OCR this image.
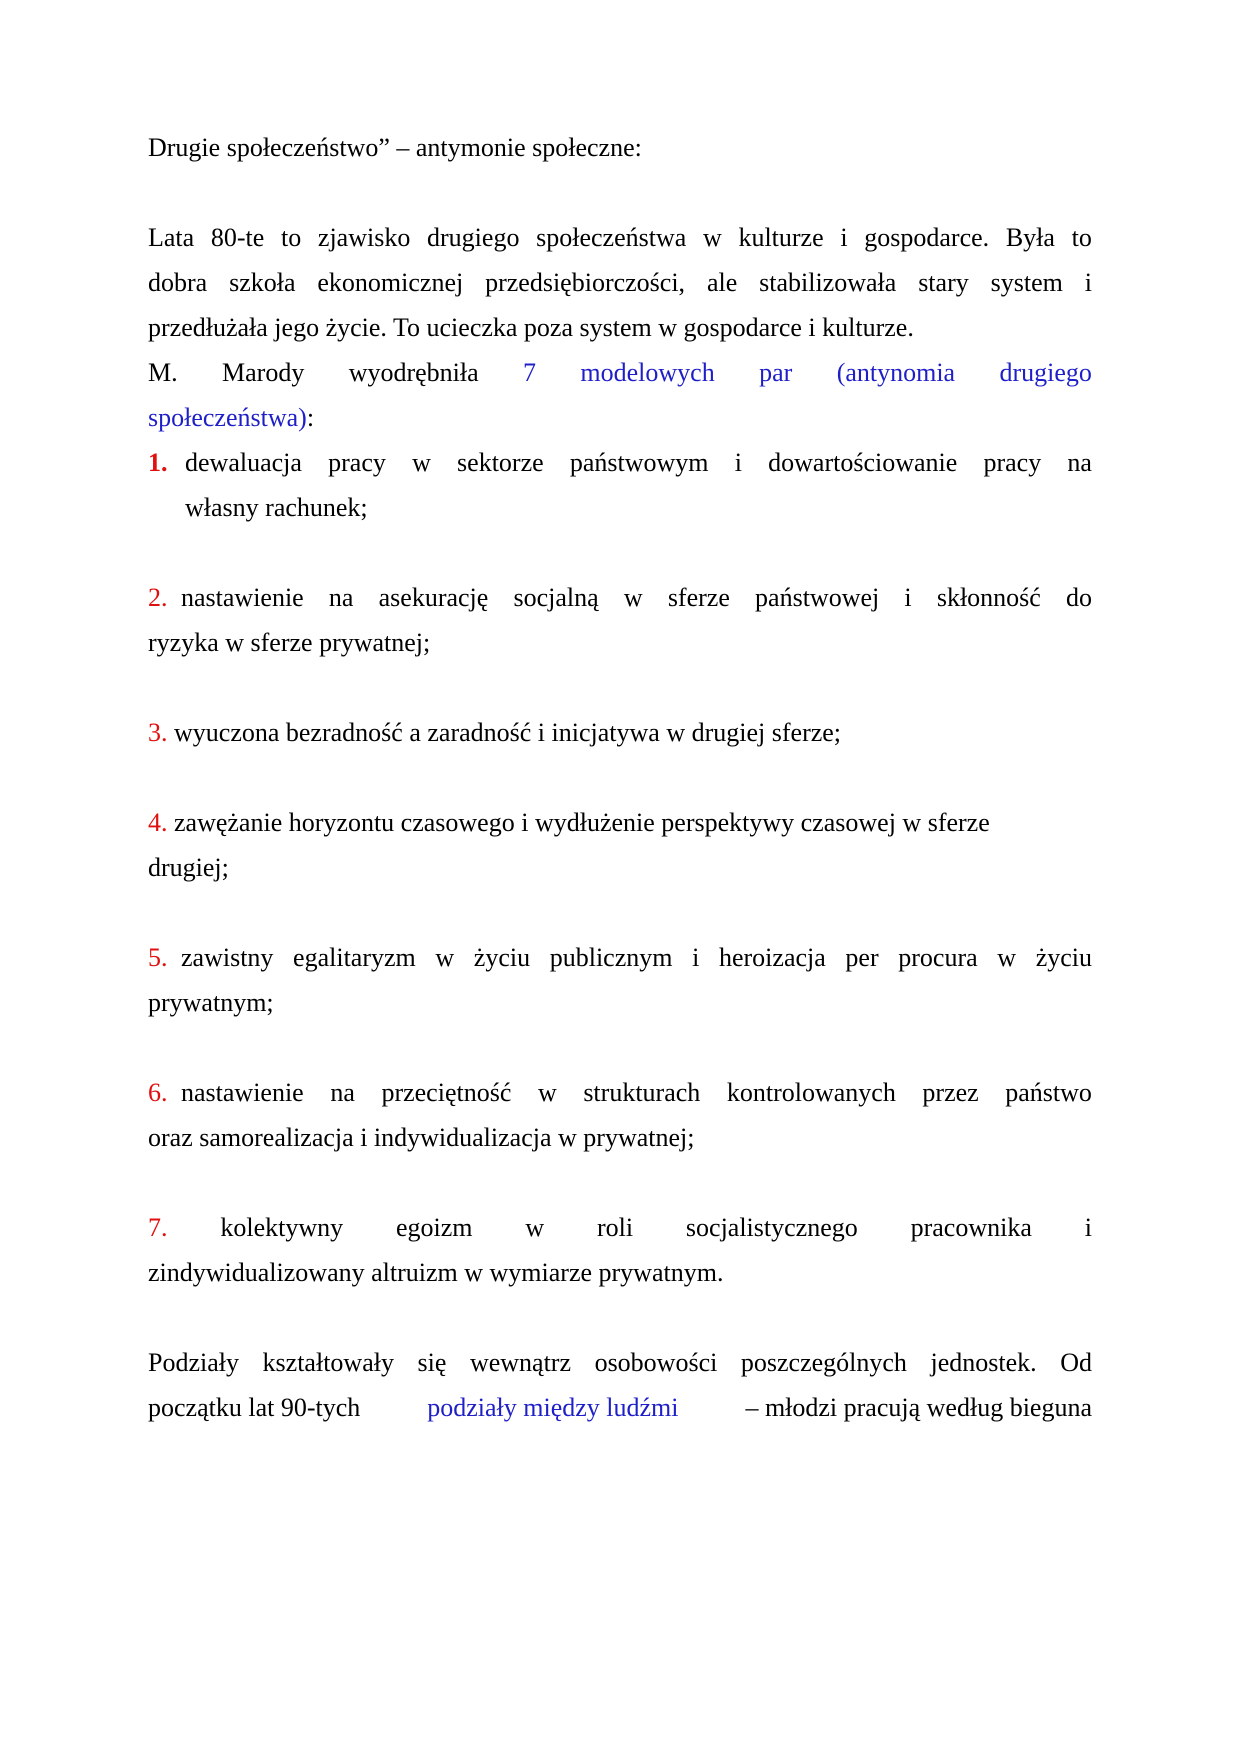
Drugie społeczeństwo” – antymonie społeczne:
Lata 80-te to zjawisko drugiego społeczeństwa w kulturze i gospodarce. Była to
dobra szkoła ekonomicznej przedsiębiorczości, ale stabilizowała stary system i
przedłużała jego życie. To ucieczka poza system w gospodarce i kulturze.
M. Marody wyodrębniła 7 modelowych par (antynomia drugiego
społeczeństwa):
1. dewaluacja pracy w sektorze państwowym i dowartościowanie pracy na
własny rachunek;
2. nastawienie na asekurację socjalną w sferze państwowej i skłonność do
ryzyka w sferze prywatnej;
3. wyuczona bezradność a zaradność i inicjatywa w drugiej sferze;
4. zawężanie horyzontu czasowego i wydłużenie perspektywy czasowej w sferze
drugiej;
5. zawistny egalitaryzm w życiu publicznym i heroizacja per procura w życiu
prywatnym;
6. nastawienie na przeciętność w strukturach kontrolowanych przez państwo
oraz samorealizacja i indywidualizacja w prywatnej;
7. kolektywny egoizm w roli socjalistycznego pracownika i
zindywidualizowany altruizm w wymiarze prywatnym.
Podziały kształtowały się wewnątrz osobowości poszczególnych jednostek. Od
początku lat 90-tych	podziały między ludźmi	– młodzi pracują według bieguna
